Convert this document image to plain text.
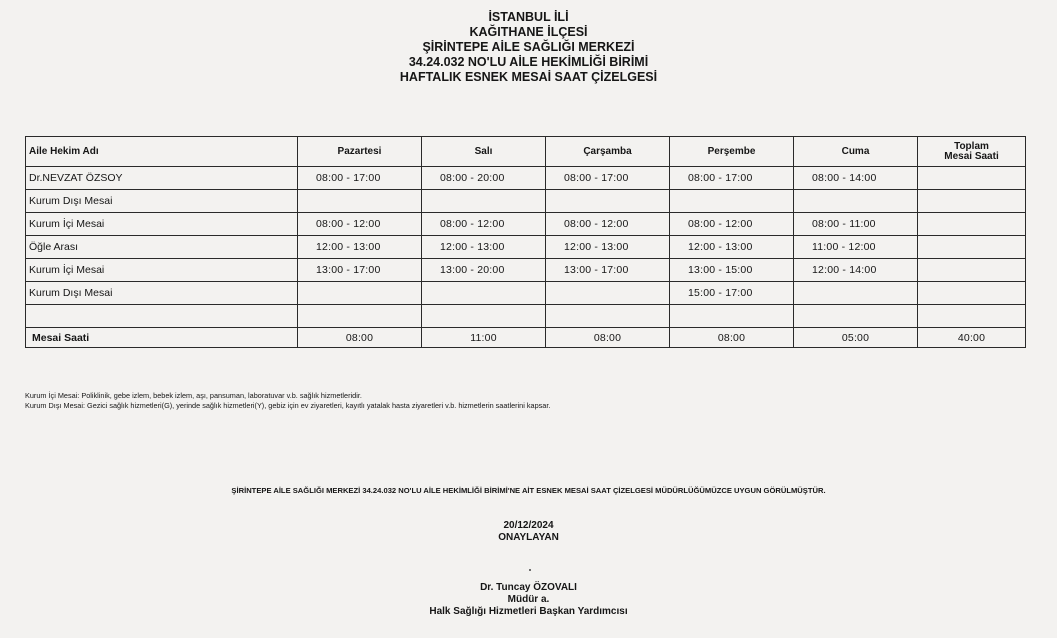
İSTANBUL İLİ
KAĞITHANE İLÇESİ
ŞİRİNTEPE AİLE SAĞLIĞI MERKEZİ
34.24.032 NO'LU AİLE HEKİMLİĞİ BİRİMİ
HAFTALIK ESNEK MESAİ SAAT ÇİZELGESİ
Aile Hekim Adı	Pazartesi	Salı	Çarşamba	Perşembe	Cuma	Toplam
Mesai Saati

Dr.NEVZAT ÖZSOY	08:00 - 17:00	08:00 - 20:00	08:00 - 17:00	08:00 - 17:00	08:00 - 14:00	
Kurum Dışı Mesai						
Kurum İçi Mesai	08:00 - 12:00	08:00 - 12:00	08:00 - 12:00	08:00 - 12:00	08:00 - 11:00	
Öğle Arası	12:00 - 13:00	12:00 - 13:00	12:00 - 13:00	12:00 - 13:00	11:00 - 12:00	
Kurum İçi Mesai	13:00 - 17:00	13:00 - 20:00	13:00 - 17:00	13:00 - 15:00	12:00 - 14:00	
Kurum Dışı Mesai				15:00 - 17:00		

Mesai Saati	08:00	11:00	08:00	08:00	05:00	40:00
Kurum İçi Mesai: Poliklinik, gebe izlem, bebek izlem, aşı, pansuman, laboratuvar v.b. sağlık hizmetleridir.
Kurum Dışı Mesai: Gezici sağlık hizmetleri(G), yerinde sağlık hizmetleri(Y), gebiz için ev ziyaretleri, kayıtlı yatalak hasta ziyaretleri v.b. hizmetlerin saatlerini kapsar.
ŞİRİNTEPE AİLE SAĞLIĞI MERKEZİ 34.24.032 NO'LU AİLE HEKİMLİĞİ BİRİMİ'NE AİT ESNEK MESAİ SAAT ÇİZELGESİ MÜDÜRLÜĞÜMÜZCE UYGUN GÖRÜLMÜŞTÜR.
20/12/2024
ONAYLAYAN
Dr. Tuncay ÖZOVALI
Müdür a.
Halk Sağlığı Hizmetleri Başkan Yardımcısı
